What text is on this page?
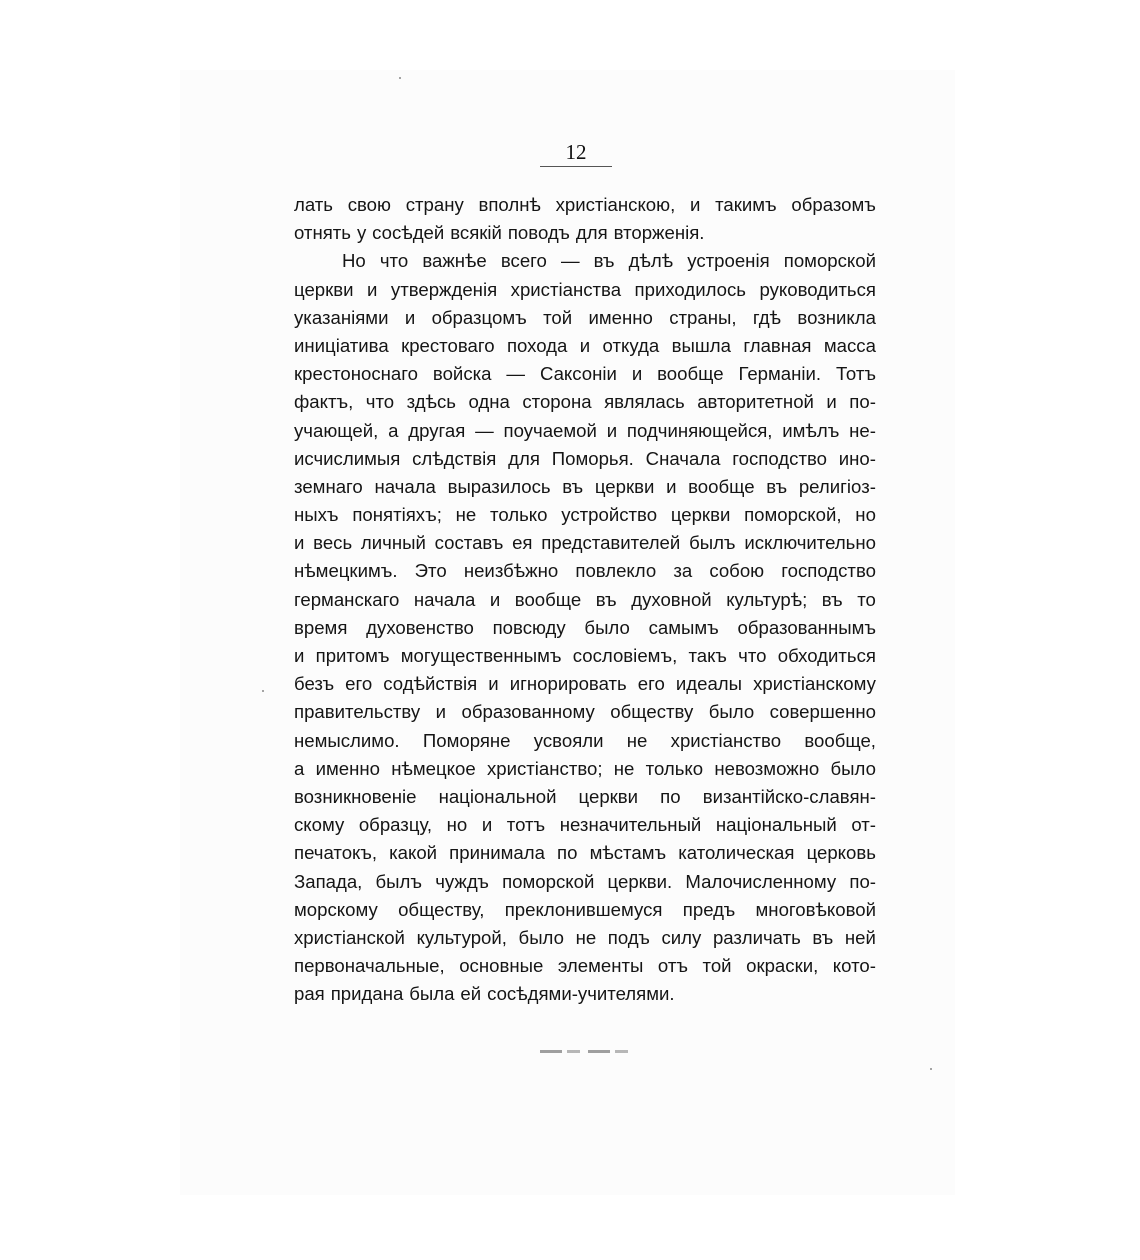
12
лать свою страну вполнѣ христіанскою, и такимъ образомъ
отнять у сосѣдей всякій поводъ для вторженія.
Но что важнѣе всего — въ дѣлѣ устроенія поморской
церкви и утвержденія христіанства приходилось руководиться
указаніями и образцомъ той именно страны, гдѣ возникла
иниціатива крестоваго похода и откуда вышла главная масса
крестоноснаго войска — Саксоніи и вообще Германіи. Тотъ
фактъ, что здѣсь одна сторона являлась авторитетной и по-
учающей, а другая — поучаемой и подчиняющейся, имѣлъ не-
исчислимыя слѣдствія для Поморья. Сначала господство ино-
земнаго начала выразилось въ церкви и вообще въ религіоз-
ныхъ понятіяхъ; не только устройство церкви поморской, но
и весь личный составъ ея представителей былъ исключительно
нѣмецкимъ. Это неизбѣжно повлекло за собою господство
германскаго начала и вообще въ духовной культурѣ; въ то
время духовенство повсюду было самымъ образованнымъ
и притомъ могущественнымъ сословіемъ, такъ что обходиться
безъ его содѣйствія и игнорировать его идеалы христіанскому
правительству и образованному обществу было совершенно
немыслимо. Поморяне усвояли не христіанство вообще,
а именно нѣмецкое христіанство; не только невозможно было
возникновеніе національной церкви по византійско-славян-
скому образцу, но и тотъ незначительный національный от-
печатокъ, какой принимала по мѣстамъ католическая церковь
Запада, былъ чуждъ поморской церкви. Малочисленному по-
морскому обществу, преклонившемуся предъ многовѣковой
христіанской культурой, было не подъ силу различать въ ней
первоначальные, основные элементы отъ той окраски, кото-
рая придана была ей сосѣдями-учителями.
